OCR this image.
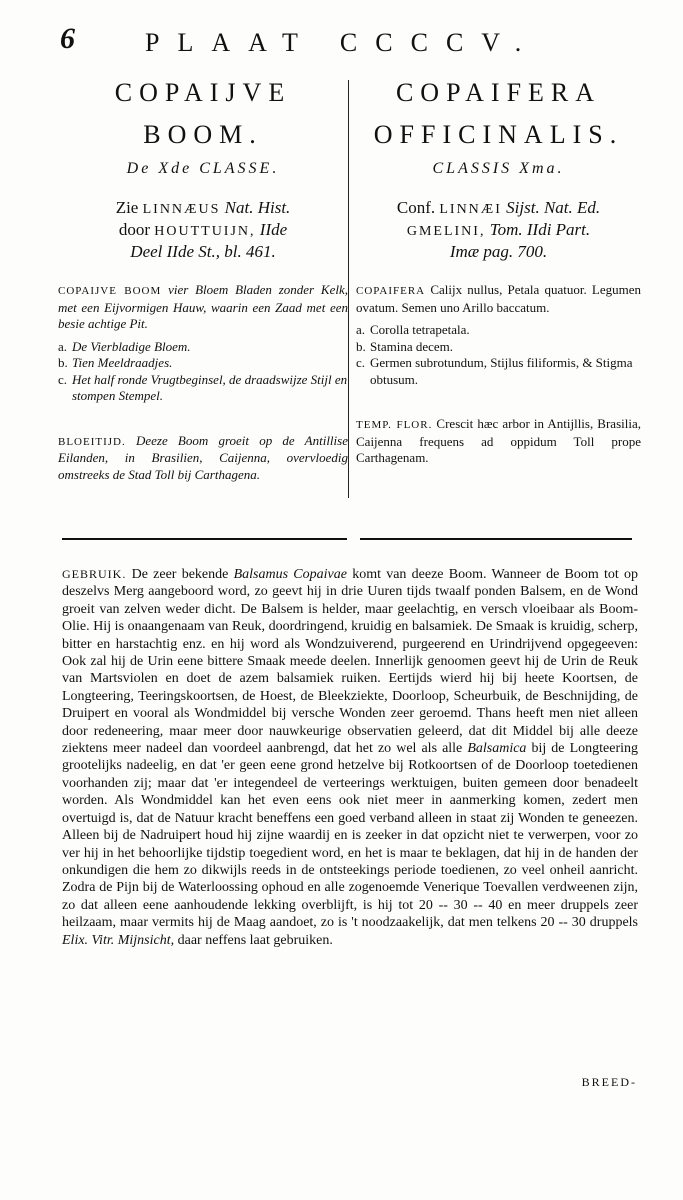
6	PLAAT CCCCV.
COPAIJVE
BOOM.
De Xde CLASSE.
Zie LINNÆUS Nat. Hist.
door HOUTTUIJN, IIde
Deel IIde St., bl. 461.
COPAIJVE BOOM vier Bloem Bladen zonder Kelk, met een Eijvormigen Hauw, waarin een Zaad met een besie achtige Pit.
a. De Vierbladige Bloem.
b. Tien Meeldraadjes.
c. Het half ronde Vrugtbeginsel, de draadswijze Stijl en stompen Stempel.
BLOEITIJD. Deeze Boom groeit op de Antillise Eilanden, in Brasilien, Caijenna, overvloedig omstreeks de Stad Toll bij Carthagena.
COPAIFERA
OFFICINALIS.
CLASSIS Xma.
Conf. LINNÆI Sijst. Nat. Ed.
GMELINI, Tom. IIdi Part.
Imæ pag. 700.
COPAIFERA Calijx nullus, Petala quatuor. Legumen ovatum. Semen uno Arillo baccatum.
a. Corolla tetrapetala.
b. Stamina decem.
c. Germen subrotundum, Stijlus filiformis, & Stigma obtusum.
TEMP. FLOR. Crescit hæc arbor in Antijllis, Brasilia, Caijenna frequens ad oppidum Toll prope Carthagenam.
GEBRUIK. De zeer bekende Balsamus Copaivae komt van deeze Boom. Wanneer de Boom tot op deszelvs Merg aangeboord word, zo geevt hij in drie Uuren tijds twaalf ponden Balsem, en de Wond groeit van zelven weder dicht. De Balsem is helder, maar geelachtig, en versch vloeibaar als Boom-Olie. Hij is onaangenaam van Reuk, doordringend, kruidig en balsamiek. De Smaak is kruidig, scherp, bitter en harstachtig enz. en hij word als Wondzuiverend, purgeerend en Urindrijvend opgegeeven: Ook zal hij de Urin eene bittere Smaak meede deelen. Innerlijk genoomen geevt hij de Urin de Reuk van Martsviolen en doet de azem balsamiek ruiken. Eertijds wierd hij bij heete Koortsen, de Longteering, Teeringskoortsen, de Hoest, de Bleekziekte, Doorloop, Scheurbuik, de Beschnijding, de Druipert en vooral als Wondmiddel bij versche Wonden zeer geroemd. Thans heeft men niet alleen door redeneering, maar meer door nauwkeurige observatien geleerd, dat dit Middel bij alle deeze ziektens meer nadeel dan voordeel aanbrengd, dat het zo wel als alle Balsamica bij de Longteering grootelijks nadeelig, en dat 'er geen eene grond hetzelve bij Rotkoortsen of de Doorloop toetedienen voorhanden zij; maar dat 'er integendeel de verteerings werktuigen, buiten gemeen door benadeelt worden. Als Wondmiddel kan het even eens ook niet meer in aanmerking komen, zedert men overtuigd is, dat de Natuur kracht beneffens een goed verband alleen in staat zij Wonden te geneezen. Alleen bij de Nadruipert houd hij zijne waardij en is zeeker in dat opzicht niet te verwerpen, voor zo ver hij in het behoorlijke tijdstip toegedient word, en het is maar te beklagen, dat hij in de handen der onkundigen die hem zo dikwijls reeds in de ontsteekings periode toedienen, zo veel onheil aanricht. Zodra de Pijn bij de Waterloossing ophoud en alle zogenoemde Venerique Toevallen verdweenen zijn, zo dat alleen eene aanhoudende lekking overblijft, is hij tot 20 -- 30 -- 40 en meer druppels zeer heilzaam, maar vermits hij de Maag aandoet, zo is 't noodzaakelijk, dat men telkens 20 -- 30 druppels Elix. Vitr. Mijnsicht, daar neffens laat gebruiken.
BREED-
